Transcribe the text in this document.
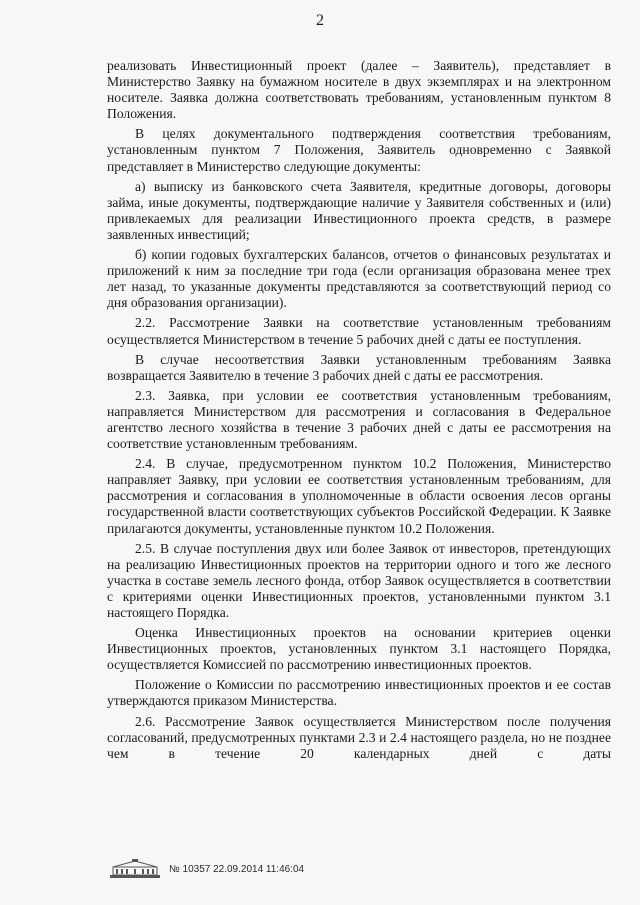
2

реализовать Инвестиционный проект (далее – Заявитель), представляет в Министерство Заявку на бумажном носителе в двух экземплярах и на электронном носителе. Заявка должна соответствовать требованиям, установленным пунктом 8 Положения.

В целях документального подтверждения соответствия требованиям, установленным пунктом 7 Положения, Заявитель одновременно с Заявкой представляет в Министерство следующие документы:

а) выписку из банковского счета Заявителя, кредитные договоры, договоры займа, иные документы, подтверждающие наличие у Заявителя собственных и (или) привлекаемых для реализации Инвестиционного проекта средств, в размере заявленных инвестиций;

б) копии годовых бухгалтерских балансов, отчетов о финансовых результатах и приложений к ним за последние три года (если организация образована менее трех лет назад, то указанные документы представляются за соответствующий период со дня образования организации).

2.2. Рассмотрение Заявки на соответствие установленным требованиям осуществляется Министерством в течение 5 рабочих дней с даты ее поступления.

В случае несоответствия Заявки установленным требованиям Заявка возвращается Заявителю в течение 3 рабочих дней с даты ее рассмотрения.

2.3. Заявка, при условии ее соответствия установленным требованиям, направляется Министерством для рассмотрения и согласования в Федеральное агентство лесного хозяйства в течение 3 рабочих дней с даты ее рассмотрения на соответствие установленным требованиям.

2.4. В случае, предусмотренном пунктом 10.2 Положения, Министерство направляет Заявку, при условии ее соответствия установленным требованиям, для рассмотрения и согласования в уполномоченные в области освоения лесов органы государственной власти соответствующих субъектов Российской Федерации. К Заявке прилагаются документы, установленные пунктом 10.2 Положения.

2.5. В случае поступления двух или более Заявок от инвесторов, претендующих на реализацию Инвестиционных проектов на территории одного и того же лесного участка в составе земель лесного фонда, отбор Заявок осуществляется в соответствии с критериями оценки Инвестиционных проектов, установленными пунктом 3.1 настоящего Порядка.

Оценка Инвестиционных проектов на основании критериев оценки Инвестиционных проектов, установленных пунктом 3.1 настоящего Порядка, осуществляется Комиссией по рассмотрению инвестиционных проектов.

Положение о Комиссии по рассмотрению инвестиционных проектов и ее состав утверждаются приказом Министерства.

2.6. Рассмотрение Заявок осуществляется Министерством после получения согласований, предусмотренных пунктами 2.3 и 2.4 настоящего раздела, но не позднее чем в течение 20 календарных дней с даты

№ 10357 22.09.2014 11:46:04
